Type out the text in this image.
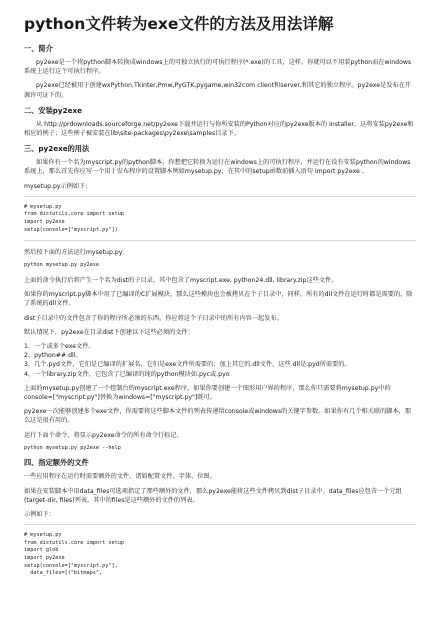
python文件转为exe文件的方法及用法详解
一、简介
py2exe是一个将python脚本转换成windows上的可独立执行的可执行程序(*.exe)的工具，这样，你就可以不用装python而在windows系统上运行这个可执行程序。
py2exe已经被用于创建wxPython,Tkinter,Pmw,PyGTK,pygame,win32com client和server,和其它的独立程序。py2exe是发布在开源许可证下的。
二、安装py2exe
从 http://prdownloads.sourceforge.net/py2exe下载并运行与你所安装的Python对应的py2exe版本的 installer，这将安装py2exe和相应的例子；这些例子被安装在lib\site-packages\py2exe\samples目录下。
三、py2exe的用法
如果你有一个名为myscript.py的python脚本，你想把它转换为运行在windows上的可执行程序，并运行在没有安装python的windows系统上，那么首先你应写一个用于发布程序的设置脚本例如mysetup.py，在其中的setup函数前插入语句 import py2exe 。
mysetup.py示例如下:
# mysetup.py
from distutils.core import setup
import py2exe
setup(console=["myscript.py"])
然后按下面的方法运行mysetup.py:
python mysetup.py py2exe
上面的命令执行后将产生一个名为dist的子目录，其中包含了myscript.exe, python24.dll, library.zip这些文件。
如果你的myscript.py脚本中用了已编译的C扩展模块，那么这些模块也会被拷贝在个子目录中，同样，所有的dll文件在运行时都是需要的，除了系统的dll文件。
dist子目录中的文件包含了你的程序所必须的东西，你应将这个子目录中的所有内容一起发布。
默认情况下，py2exe在目录dist下创建以下这些必须的文件：
1、一个或多个exe文件。
2、python##.dll。
3、几个.pyd文件，它们是已编译的扩展名，它们是exe文件所需要的；加上其它的.dll文件，这些.dll是.pyd所需要的。
4、一个library.zip文件，它包含了已编译的纯的python模块如.pyc或.pyo
上面的mysetup.py创建了一个控制台的myscript.exe程序，如果你要创建一个图形用户界的程序，那么你只需要将mysetup.py中的console=["myscript.py"]替换为windows=["myscript.py"]既可。
py2exe一次能够创建多个exe文件，你需要将这些脚本文件的列表传递给console或windows的关键字参数。如果你有几个相关联的脚本，那么这是很有用的。
运行下面个命令，将显示py2exe命令的所有命令行标记。
python mysetup.py py2exe --help
四、指定额外的文件
一些应用程序在运行时需要额外的文件，诸如配置文件、字体、位图。
如果在安装脚本中用data_files可选项指定了那些额外的文件，那么py2exe能将这些文件拷贝到dist子目录中。data_files应包含一个元组(target-dir, files)列表，其中的files是这些额外的文件的列表。
示例如下：
# mysetup.py
from distutils.core import setup
import glob
import py2exe
setup(console=["myscript.py"],
data_files=[("bitmaps",
